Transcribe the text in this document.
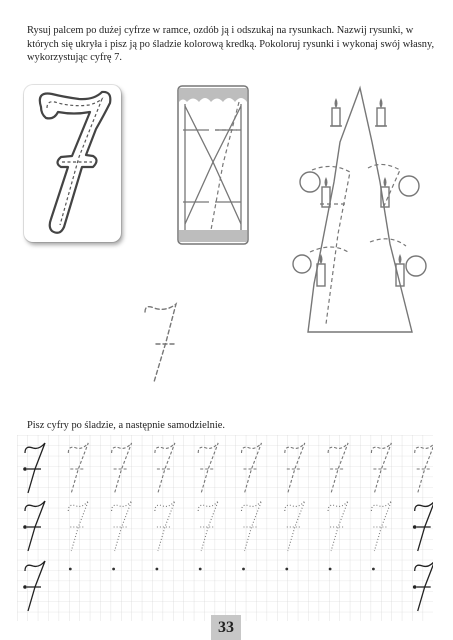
Rysuj palcem po dużej cyfrze w ramce, ozdób ją i odszukaj na rysunkach. Nazwij rysunki, w których się ukryła i pisz ją po śladzie kolorową kredką. Pokoloruj rysunki i wykonaj swój własny, wykorzystując cyfrę 7.

Pisz cyfry po śladzie, a następnie samodzielnie.

33
